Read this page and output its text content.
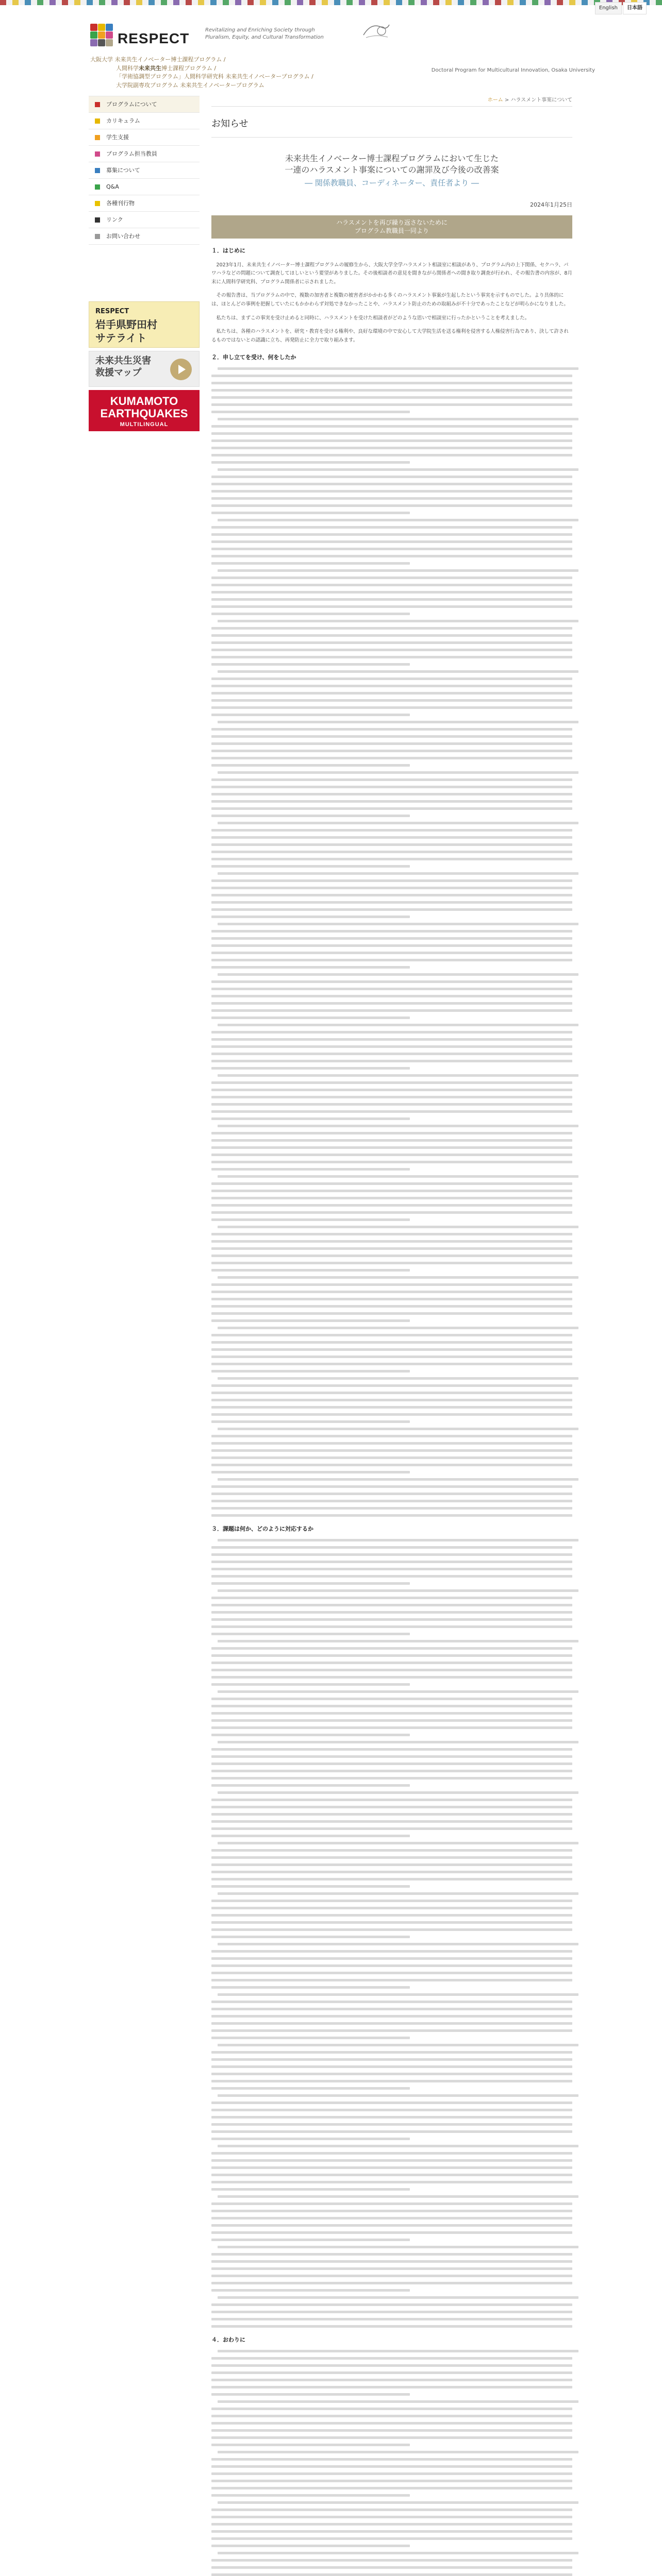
English	日本語
RESPECT
Revitalizing and Enriching Society through
Pluralism, Equity, and Cultural Transformation
大阪大学 未来共生イノベーター博士課程プログラム /
人間科学未来共生博士課程プログラム /
「学術協調型プログラム」人間科学研究科 未来共生イノベータープログラム /
大学院副専攻プログラム 未来共生イノベータープログラム
Doctoral Program for Multicultural Innovation, Osaka University
プログラムについて
カリキュラム
学生支援
プログラム担当教員
募集について
Q&A
各種刊行物
リンク
お問い合わせ
RESPECT
岩手県野田村
サテライト
未来共生災害
救援マップ
KUMAMOTO
EARTHQUAKES
MULTILINGUAL
ホーム > ハラスメント事案について
お知らせ
未来共生イノベーター博士課程プログラムにおいて生じた
一連のハラスメント事案についての謝罪及び今後の改善案
― 関係教職員、コーディネーター、責任者より ―
2024年1月25日
ハラスメントを再び繰り返さないために
プログラム教職員一同より
１．はじめに

2023年1月、未来共生イノベーター博士課程プログラムの履修生から、大阪大学全学ハラスメント相談室に相談があり、プログラム内の上下関係、セクハラ、パワハラなどの問題について調査してほしいという要望がありました。その後相談者の意見を聞きながら関係者への聞き取り調査が行われ、その報告書の内容が、8月末に人間科学研究科、プログラム関係者に示されました。

その報告書は、当プログラムの中で、複数の加害者と複数の被害者がかかわる多くのハラスメント事案が生起したという事実を示すものでした。より具体的には、ほとんどの事例を把握していたにもかかわらず対処できなかったことや、ハラスメント防止のための取組みが不十分であったことなどが明らかになりました。

私たちは、まずこの事実を受け止めると同時に、ハラスメントを受けた相談者がどのような思いで相談室に行ったかということを考えました。

私たちは、各種のハラスメントを、研究・教育を受ける権利や、良好な環境の中で安心して大学院生活を送る権利を侵害する人権侵害行為であり、決して許されるものではないとの認識に立ち、再発防止に全力で取り組みます。

２．申し立てを受け、何をしたか
３．課題は何か、どのように対応するか
４．おわりに
